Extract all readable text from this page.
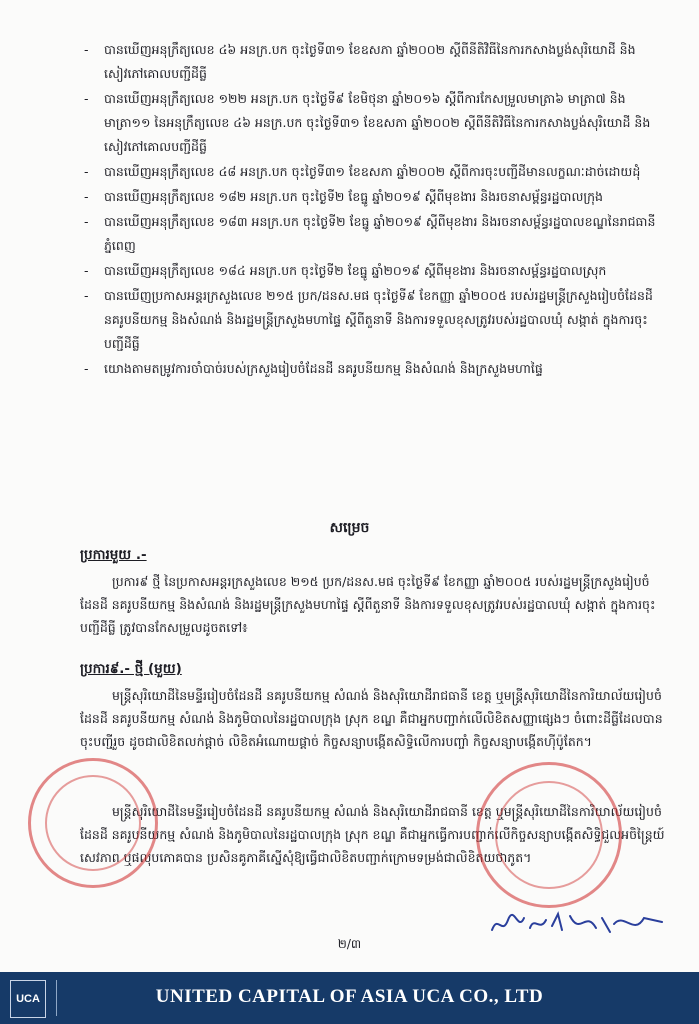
- បានឃើញអនុក្រឹត្យលេខ ៤៦ អនក្រ.បក ចុះថ្ងៃទី៣១ ខែឧសភា ឆ្នាំ២០០២ ស្តីពីនីតិវិធីនៃការកសាងប្លង់សុរិយោដី និងសៀវភៅគោលបញ្ជីដីធ្លី
- បានឃើញអនុក្រឹត្យលេខ ១២២ អនក្រ.បក ចុះថ្ងៃទី៩ ខែមិថុនា ឆ្នាំ២០១៦ ស្តីពីការកែសម្រួលមាត្រា៦ មាត្រា៧ និងមាត្រា១១ នៃអនុក្រឹត្យលេខ ៤៦ អនក្រ.បក ចុះថ្ងៃទី៣១ ខែឧសភា ឆ្នាំ២០០២ ស្តីពីនីតិវិធីនៃការកសាងប្លង់សុរិយោដី និងសៀវភៅគោលបញ្ជីដីធ្លី
- បានឃើញអនុក្រឹត្យលេខ ៤៨ អនក្រ.បក ចុះថ្ងៃទី៣១ ខែឧសភា ឆ្នាំ២០០២ ស្តីពីការចុះបញ្ជីដីមានលក្ខណៈដាច់ដោយដុំ
- បានឃើញអនុក្រឹត្យលេខ ១៨២ អនក្រ.បក ចុះថ្ងៃទី២ ខែធ្នូ ឆ្នាំ២០១៩ ស្តីពីមុខងារ និងរចនាសម្ព័ន្ធរដ្ឋបាលក្រុង
- បានឃើញអនុក្រឹត្យលេខ ១៨៣ អនក្រ.បក ចុះថ្ងៃទី២ ខែធ្នូ ឆ្នាំ២០១៩ ស្តីពីមុខងារ និងរចនាសម្ព័ន្ធរដ្ឋបាលខណ្ឌនៃរាជធានីភ្នំពេញ
- បានឃើញអនុក្រឹត្យលេខ ១៨៤ អនក្រ.បក ចុះថ្ងៃទី២ ខែធ្នូ ឆ្នាំ២០១៩ ស្តីពីមុខងារ និងរចនាសម្ព័ន្ធរដ្ឋបាលស្រុក
- បានឃើញប្រកាសអន្តរក្រសួងលេខ ២១៥ ប្រក/ដនស.មផ ចុះថ្ងៃទី៩ ខែកញ្ញា ឆ្នាំ២០០៥ របស់រដ្ឋមន្ត្រីក្រសួងរៀបចំដែនដី នគរូបនីយកម្ម និងសំណង់ និងរដ្ឋមន្ត្រីក្រសួងមហាផ្ទៃ ស្តីពីតួនាទី និងការទទួលខុសត្រូវរបស់រដ្ឋបាលឃុំ សង្កាត់ ក្នុងការចុះបញ្ជីដីធ្លី
- យោងតាមតម្រូវការចាំបាច់របស់ក្រសួងរៀបចំដែនដី នគរូបនីយកម្ម និងសំណង់ និងក្រសួងមហាផ្ទៃ
សម្រេច
ប្រការមួយ .-
ប្រការ៩ ថ្មី នៃប្រកាសអន្តរក្រសួងលេខ ២១៥ ប្រក/ដនស.មផ ចុះថ្ងៃទី៩ ខែកញ្ញា ឆ្នាំ២០០៥ របស់រដ្ឋមន្ត្រីក្រសួងរៀបចំដែនដី នគរូបនីយកម្ម និងសំណង់ និងរដ្ឋមន្ត្រីក្រសួងមហាផ្ទៃ ស្តីពីតួនាទី និងការទទួលខុសត្រូវរបស់រដ្ឋបាលឃុំ សង្កាត់ ក្នុងការចុះបញ្ជីដីធ្លី ត្រូវបានកែសម្រួលដូចតទៅ៖
ប្រការ៩.- ថ្មី (មួយ)
មន្ត្រីសុរិយោដីនៃមន្ទីររៀបចំដែនដី នគរូបនីយកម្ម សំណង់ និងសុរិយោដីរាជធានី ខេត្ត ឬមន្ត្រីសុរិយោដីនៃការិយាល័យរៀបចំដែនដី នគរូបនីយកម្ម សំណង់ និងភូមិបាលនៃរដ្ឋបាលក្រុង ស្រុក ខណ្ឌ គឺជាអ្នកបញ្ជាក់លើលិខិតសញ្ញាផ្សេងៗ ចំពោះដីធ្លីដែលបានចុះបញ្ជីរួច ដូចជាលិខិតលក់ផ្តាច់ លិខិតអំណោយផ្តាច់ កិច្ចសន្យាបង្កើតសិទ្ធិលើការបញ្ចាំ កិច្ចសន្យាបង្កើតហ៊ីប៉ូតែក។
មន្ត្រីសុរិយោដីនៃមន្ទីររៀបចំដែនដី នគរូបនីយកម្ម សំណង់ និងសុរិយោដីរាជធានី ខេត្ត ឬមន្ត្រីសុរិយោដីនៃការិយាល័យរៀបចំដែនដី នគរូបនីយកម្ម សំណង់ និងភូមិបាលនៃរដ្ឋបាលក្រុង ស្រុក ខណ្ឌ គឺជាអ្នកធ្វើការបញ្ជាក់លើកិច្ចសន្យាបង្កើតសិទ្ធិជួលអចិន្ត្រៃយ៍ សេវភាព ឬផលុបភោគបាន ប្រសិនគូភាគីស្នើសុំឱ្យធ្វើជាលិខិតបញ្ជាក់ក្រោមទម្រង់ជាលិខិតយថាភូត។
២/៣
UCA	UNITED CAPITAL OF ASIA UCA CO., LTD
